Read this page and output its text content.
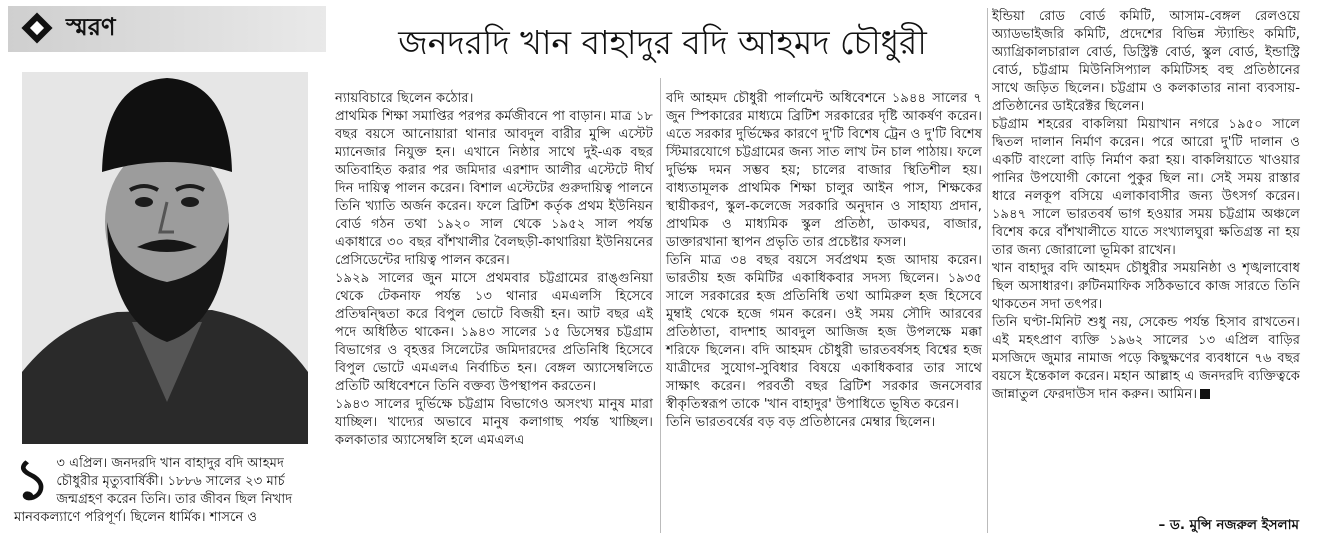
স্মরণ	জনদরদি খান বাহাদুর বদি আহমদ চৌধুরী
১ ৩ এপ্রিল। জনদরদি খান বাহাদুর বদি আহমদ চৌধুরীর মৃত্যুবার্ষিকী। ১৮৮৬ সালের ২৩ মার্চ জন্মগ্রহণ করেন তিনি। তার জীবন ছিল নিখাদ মানবকল্যাণে পরিপূর্ণ। ছিলেন ধার্মিক। শাসনে ও

ন্যায়বিচারে ছিলেন কঠোর।

প্রাথমিক শিক্ষা সমাপ্তির পরপর কর্মজীবনে পা বাড়ান। মাত্র ১৮ বছর বয়সে আনোয়ারা থানার আবদুল বারীর মুন্সি এস্টেট ম্যানেজার নিযুক্ত হন। এখানে নিষ্ঠার সাথে দুই-এক বছর অতিবাহিত করার পর জমিদার এরশাদ আলীর এস্টেটে দীর্ঘ দিন দায়িত্ব পালন করেন। বিশাল এস্টেটের গুরুদায়িত্ব পালনে তিনি খ্যাতি অর্জন করেন। ফলে ব্রিটিশ কর্তৃক প্রথম ইউনিয়ন বোর্ড গঠন তথা ১৯২০ সাল থেকে ১৯৫২ সাল পর্যন্ত একাধারে ৩০ বছর বাঁশখালীর বৈলছড়ী-কাথারিয়া ইউনিয়নের প্রেসিডেন্টের দায়িত্ব পালন করেন।

১৯২৯ সালের জুন মাসে প্রথমবার চট্টগ্রামের রাঙ্গুনিয়া থেকে টেকনাফ পর্যন্ত ১৩ থানার এমএলসি হিসেবে প্রতিদ্বন্দ্বিতা করে বিপুল ভোটে বিজয়ী হন। আট বছর এই পদে অধিষ্ঠিত থাকেন। ১৯৪৩ সালের ১৫ ডিসেম্বর চট্টগ্রাম বিভাগের ও বৃহত্তর সিলেটের জমিদারদের প্রতিনিধি হিসেবে বিপুল ভোটে এমএলএ নির্বাচিত হন। বেঙ্গল অ্যাসেম্বলিতে প্রতিটি অধিবেশনে তিনি বক্তব্য উপস্থাপন করতেন।

১৯৪৩ সালের দুর্ভিক্ষে চট্টগ্রাম বিভাগেও অসংখ্য মানুষ মারা যাচ্ছিল। খাদ্যের অভাবে মানুষ কলাগাছ পর্যন্ত খাচ্ছিল। কলকাতার অ্যাসেম্বলি হলে এমএলএ

বদি আহমদ চৌধুরী পার্লামেন্ট অধিবেশনে ১৯৪৪ সালের ৭ জুন স্পিকারের মাধ্যমে ব্রিটিশ সরকারের দৃষ্টি আকর্ষণ করেন। এতে সরকার দুর্ভিক্ষের কারণে দু'টি বিশেষ ট্রেন ও দু'টি বিশেষ স্টিমারযোগে চট্টগ্রামের জন্য সাত লাখ টন চাল পাঠায়। ফলে দুর্ভিক্ষ দমন সম্ভব হয়; চালের বাজার স্থিতিশীল হয়। বাধ্যতামূলক প্রাথমিক শিক্ষা চালুর আইন পাস, শিক্ষকের স্থায়ীকরণ, স্কুল-কলেজে সরকারি অনুদান ও সাহায্য প্রদান, প্রাথমিক ও মাধ্যমিক স্কুল প্রতিষ্ঠা, ডাকঘর, বাজার, ডাক্তারখানা স্থাপন প্রভৃতি তার প্রচেষ্টার ফসল।

তিনি মাত্র ৩৪ বছর বয়সে সর্বপ্রথম হজ আদায় করেন। ভারতীয় হজ কমিটির একাধিকবার সদস্য ছিলেন। ১৯৩৫ সালে সরকারের হজ প্রতিনিধি তথা আমিরুল হজ হিসেবে মুম্বাই থেকে হজে গমন করেন। ওই সময় সৌদি আরবের প্রতিষ্ঠাতা, বাদশাহ আবদুল আজিজ হজ উপলক্ষে মক্কা শরিফে ছিলেন। বদি আহমদ চৌধুরী ভারতবর্ষসহ বিশ্বের হজ যাত্রীদের সুযোগ-সুবিধার বিষয়ে একাধিকবার তার সাথে সাক্ষাৎ করেন। পরবর্তী বছর ব্রিটিশ সরকার জনসেবার স্বীকৃতিস্বরূপ তাকে 'খান বাহাদুর' উপাধিতে ভূষিত করেন।

তিনি ভারতবর্ষের বড় বড় প্রতিষ্ঠানের মেম্বার ছিলেন।

ইন্ডিয়া রোড বোর্ড কমিটি, আসাম-বেঙ্গল রেলওয়ে অ্যাডভাইজরি কমিটি, প্রদেশের বিভিন্ন স্ট্যান্ডিং কমিটি, অ্যাগ্রিকালচারাল বোর্ড, ডিস্ট্রিক্ট বোর্ড, স্কুল বোর্ড, ইন্ডাস্ট্রি বোর্ড, চট্টগ্রাম মিউনিসিপ্যাল কমিটিসহ বহু প্রতিষ্ঠানের সাথে জড়িত ছিলেন। চট্টগ্রাম ও কলকাতার নানা ব্যবসায়- প্রতিষ্ঠানের ডাইরেক্টর ছিলেন।

চট্টগ্রাম শহরের বাকলিয়া মিয়াখান নগরে ১৯৫০ সালে দ্বিতল দালান নির্মাণ করেন। পরে আরো দু'টি দালান ও একটি বাংলো বাড়ি নির্মাণ করা হয়। বাকলিয়াতে খাওয়ার পানির উপযোগী কোনো পুকুর ছিল না। সেই সময় রাস্তার ধারে নলকূপ বসিয়ে এলাকাবাসীর জন্য উৎসর্গ করেন। ১৯৪৭ সালে ভারতবর্ষ ভাগ হওয়ার সময় চট্টগ্রাম অঞ্চলে বিশেষ করে বাঁশখালীতে যাতে সংখ্যালঘুরা ক্ষতিগ্রস্ত না হয় তার জন্য জোরালো ভূমিকা রাখেন।

খান বাহাদুর বদি আহমদ চৌধুরীর সময়নিষ্ঠা ও শৃঙ্খলাবোধ ছিল অসাধারণ। রুটিনমাফিক সঠিকভাবে কাজ সারতে তিনি থাকতেন সদা তৎপর।

তিনি ঘণ্টা-মিনিট শুধু নয়, সেকেন্ড পর্যন্ত হিসাব রাখতেন। এই মহৎপ্রাণ ব্যক্তি ১৯৬২ সালের ১৩ এপ্রিল বাড়ির মসজিদে জুমার নামাজ পড়ে কিছুক্ষণের ব্যবধানে ৭৬ বছর বয়সে ইন্তেকাল করেন। মহান আল্লাহ এ জনদরদি ব্যক্তিত্বকে জান্নাতুল ফেরদাউস দান করুন। আমিন।

– ড. মুন্সি নজরুল ইসলাম
